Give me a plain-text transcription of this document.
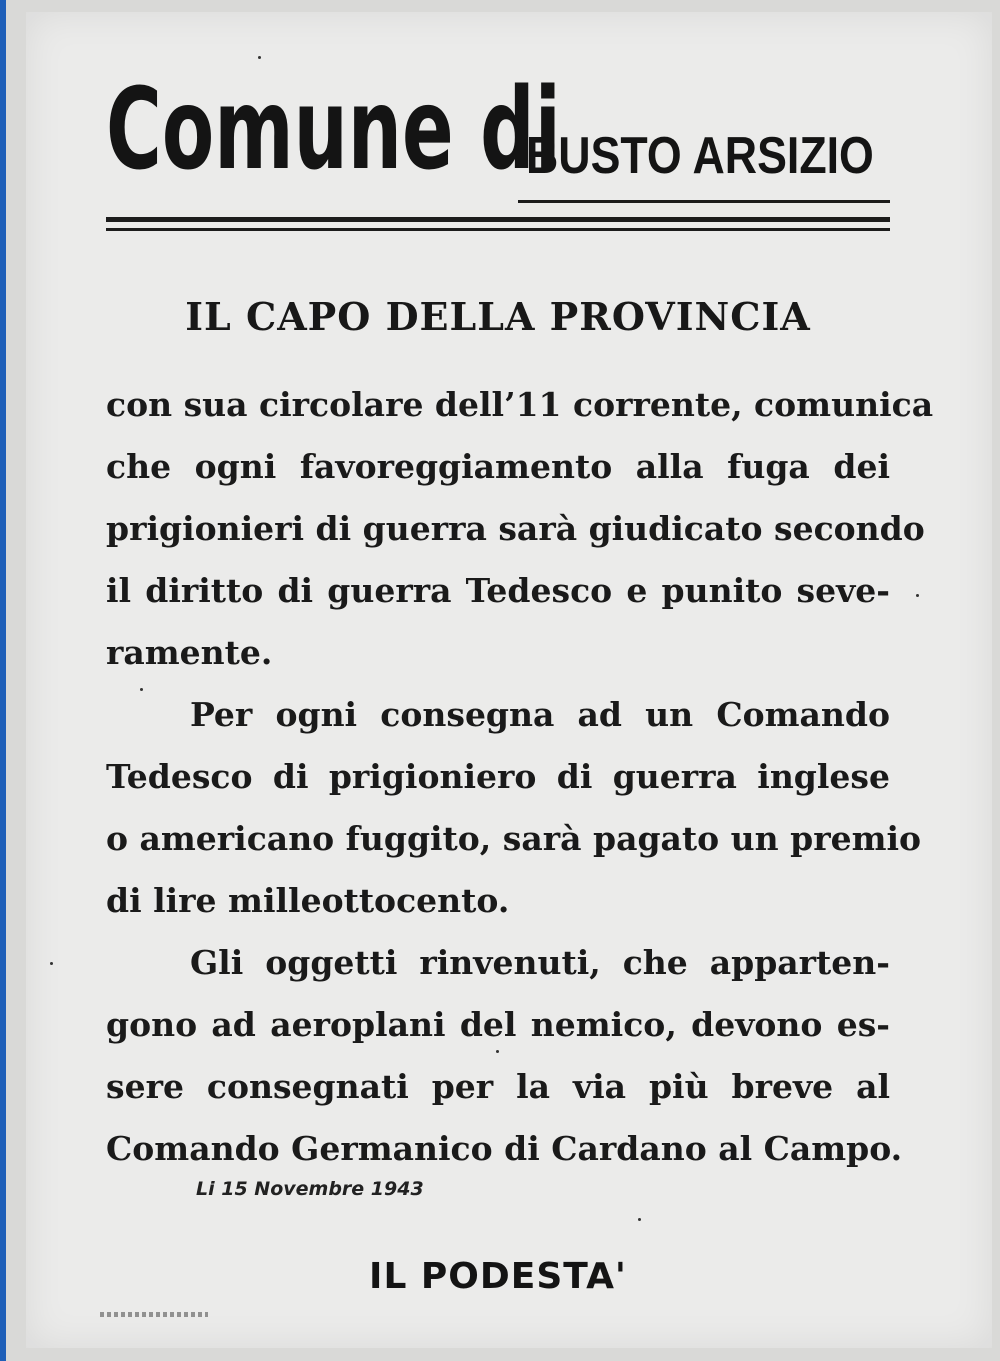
Comune di
BUSTO ARSIZIO
IL CAPO DELLA PROVINCIA

con sua circolare dell’11 corrente, comunica
che ogni favoreggiamento alla fuga dei
prigionieri di guerra sarà giudicato secondo
il diritto di guerra Tedesco e punito seve-
ramente.

Per ogni consegna ad un Comando
Tedesco di prigioniero di guerra inglese
o americano fuggito, sarà pagato un premio
di lire milleottocento.

Gli oggetti rinvenuti, che apparten-
gono ad aeroplani del nemico, devono es-
sere consegnati per la via più breve al
Comando Germanico di Cardano al Campo.

Li 15 Novembre 1943
IL PODESTA'
